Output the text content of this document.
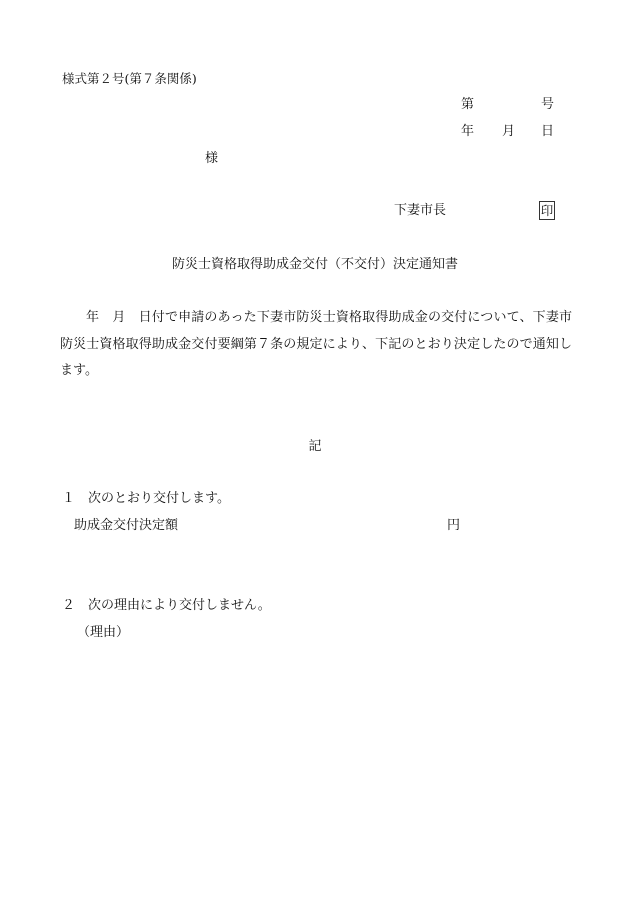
様式第２号(第７条関係)
第	号
年 月 日
様
下妻市長	印
防災士資格取得助成金交付（不交付）決定通知書
年　月　日付で申請のあった下妻市防災士資格取得助成金の交付について、下妻市防災士資格取得助成金交付要綱第７条の規定により、下記のとおり決定したので通知します。
記
１　次のとおり交付します。
助成金交付決定額	円
２　次の理由により交付しません。
（理由）
